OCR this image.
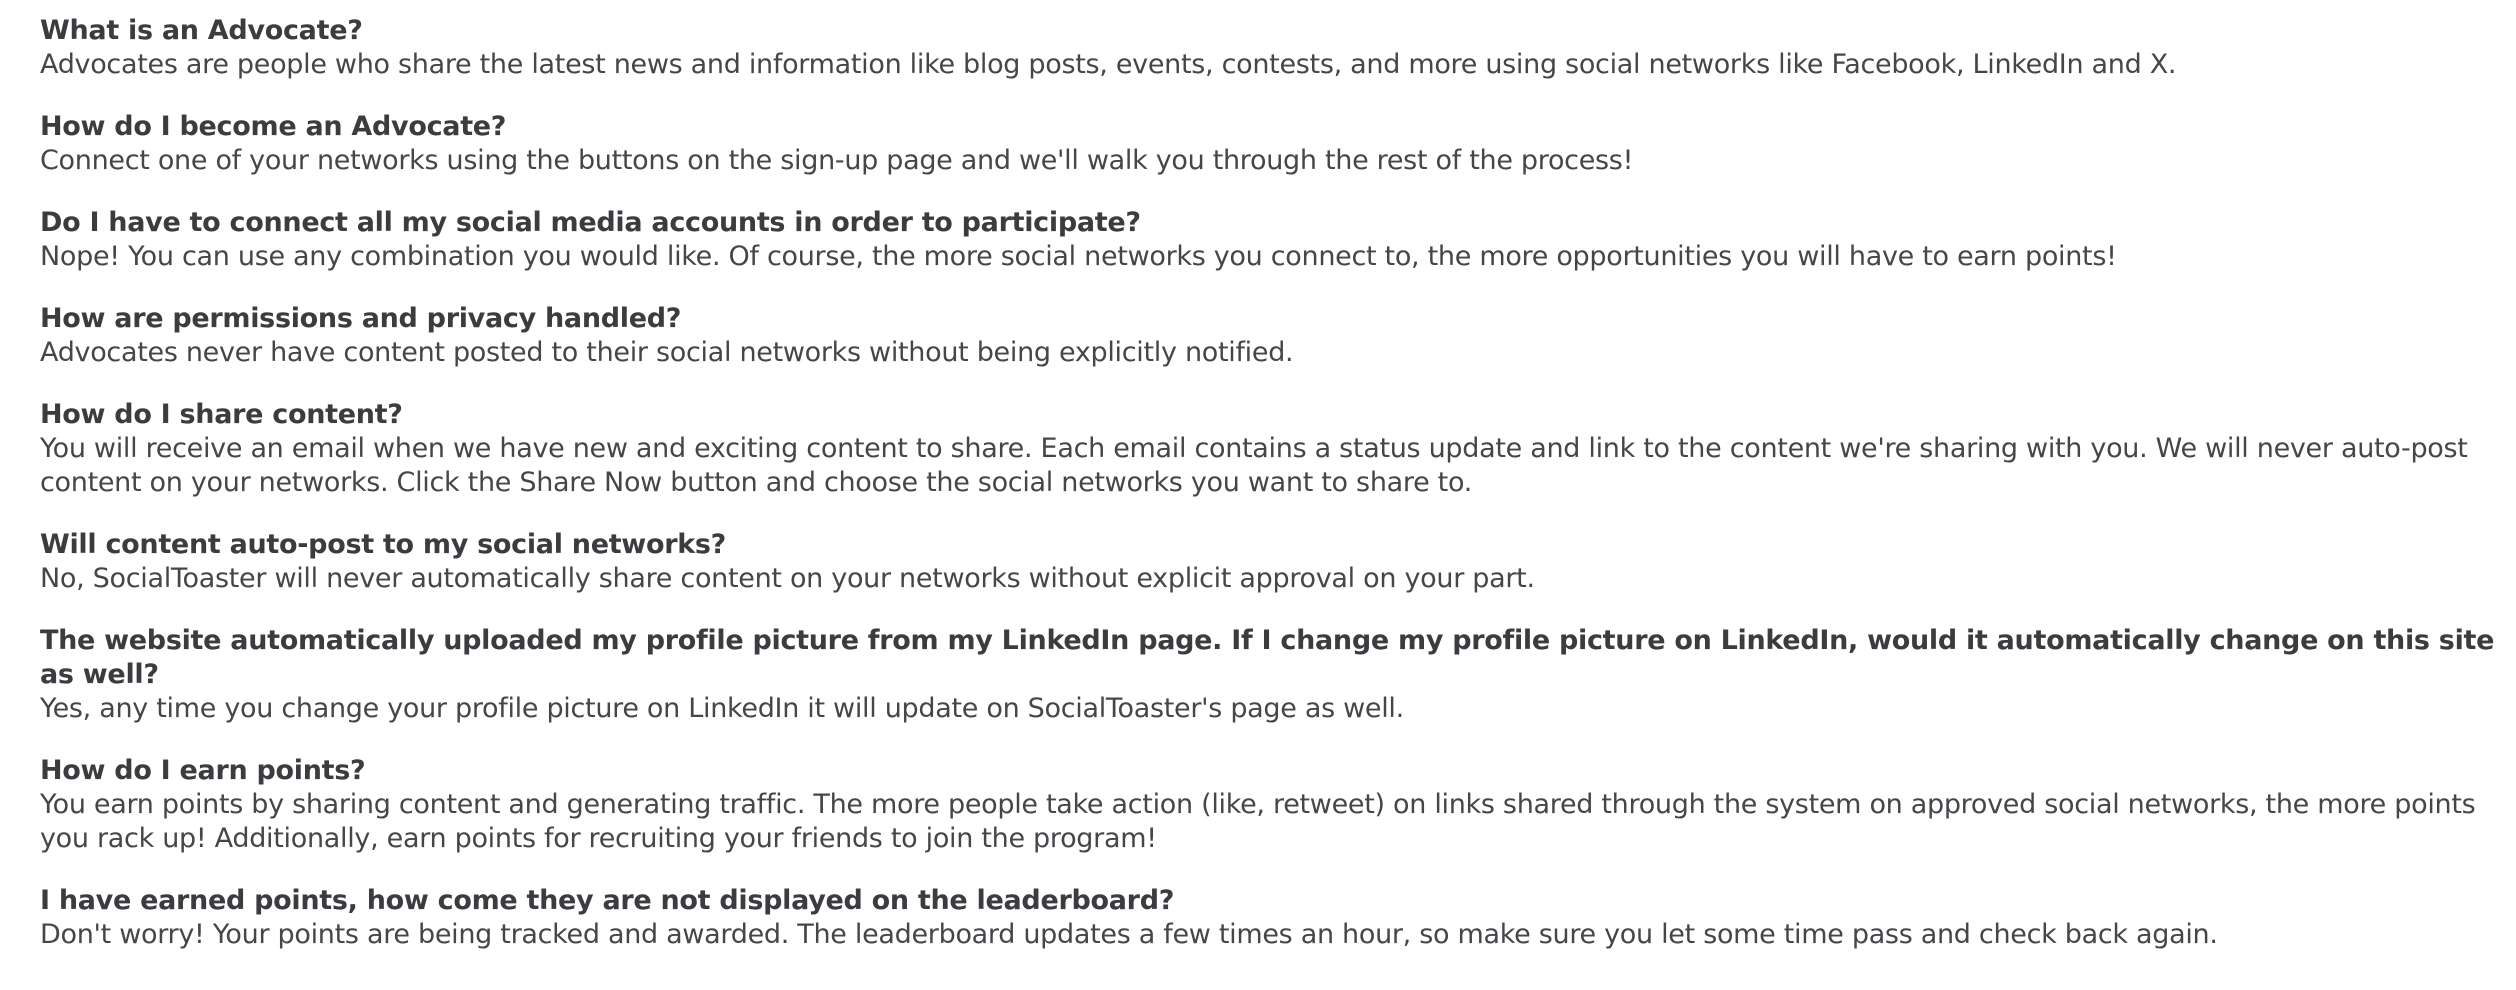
What is an Advocate?

Advocates are people who share the latest news and information like blog posts, events, contests, and more using social networks like Facebook, LinkedIn and X.

How do I become an Advocate?

Connect one of your networks using the buttons on the sign-up page and we'll walk you through the rest of the process!

Do I have to connect all my social media accounts in order to participate?

Nope! You can use any combination you would like. Of course, the more social networks you connect to, the more opportunities you will have to earn points!

How are permissions and privacy handled?

Advocates never have content posted to their social networks without being explicitly notified.

How do I share content?

You will receive an email when we have new and exciting content to share. Each email contains a status update and link to the content we're sharing with you. We will never auto-post content on your networks. Click the Share Now button and choose the social networks you want to share to.

Will content auto-post to my social networks?

No, SocialToaster will never automatically share content on your networks without explicit approval on your part.

The website automatically uploaded my profile picture from my LinkedIn page. If I change my profile picture on LinkedIn, would it automatically change on this site as well?

Yes, any time you change your profile picture on LinkedIn it will update on SocialToaster's page as well.

How do I earn points?

You earn points by sharing content and generating traffic. The more people take action (like, retweet) on links shared through the system on approved social networks, the more points you rack up! Additionally, earn points for recruiting your friends to join the program!

I have earned points, how come they are not displayed on the leaderboard?

Don't worry! Your points are being tracked and awarded. The leaderboard updates a few times an hour, so make sure you let some time pass and check back again.
